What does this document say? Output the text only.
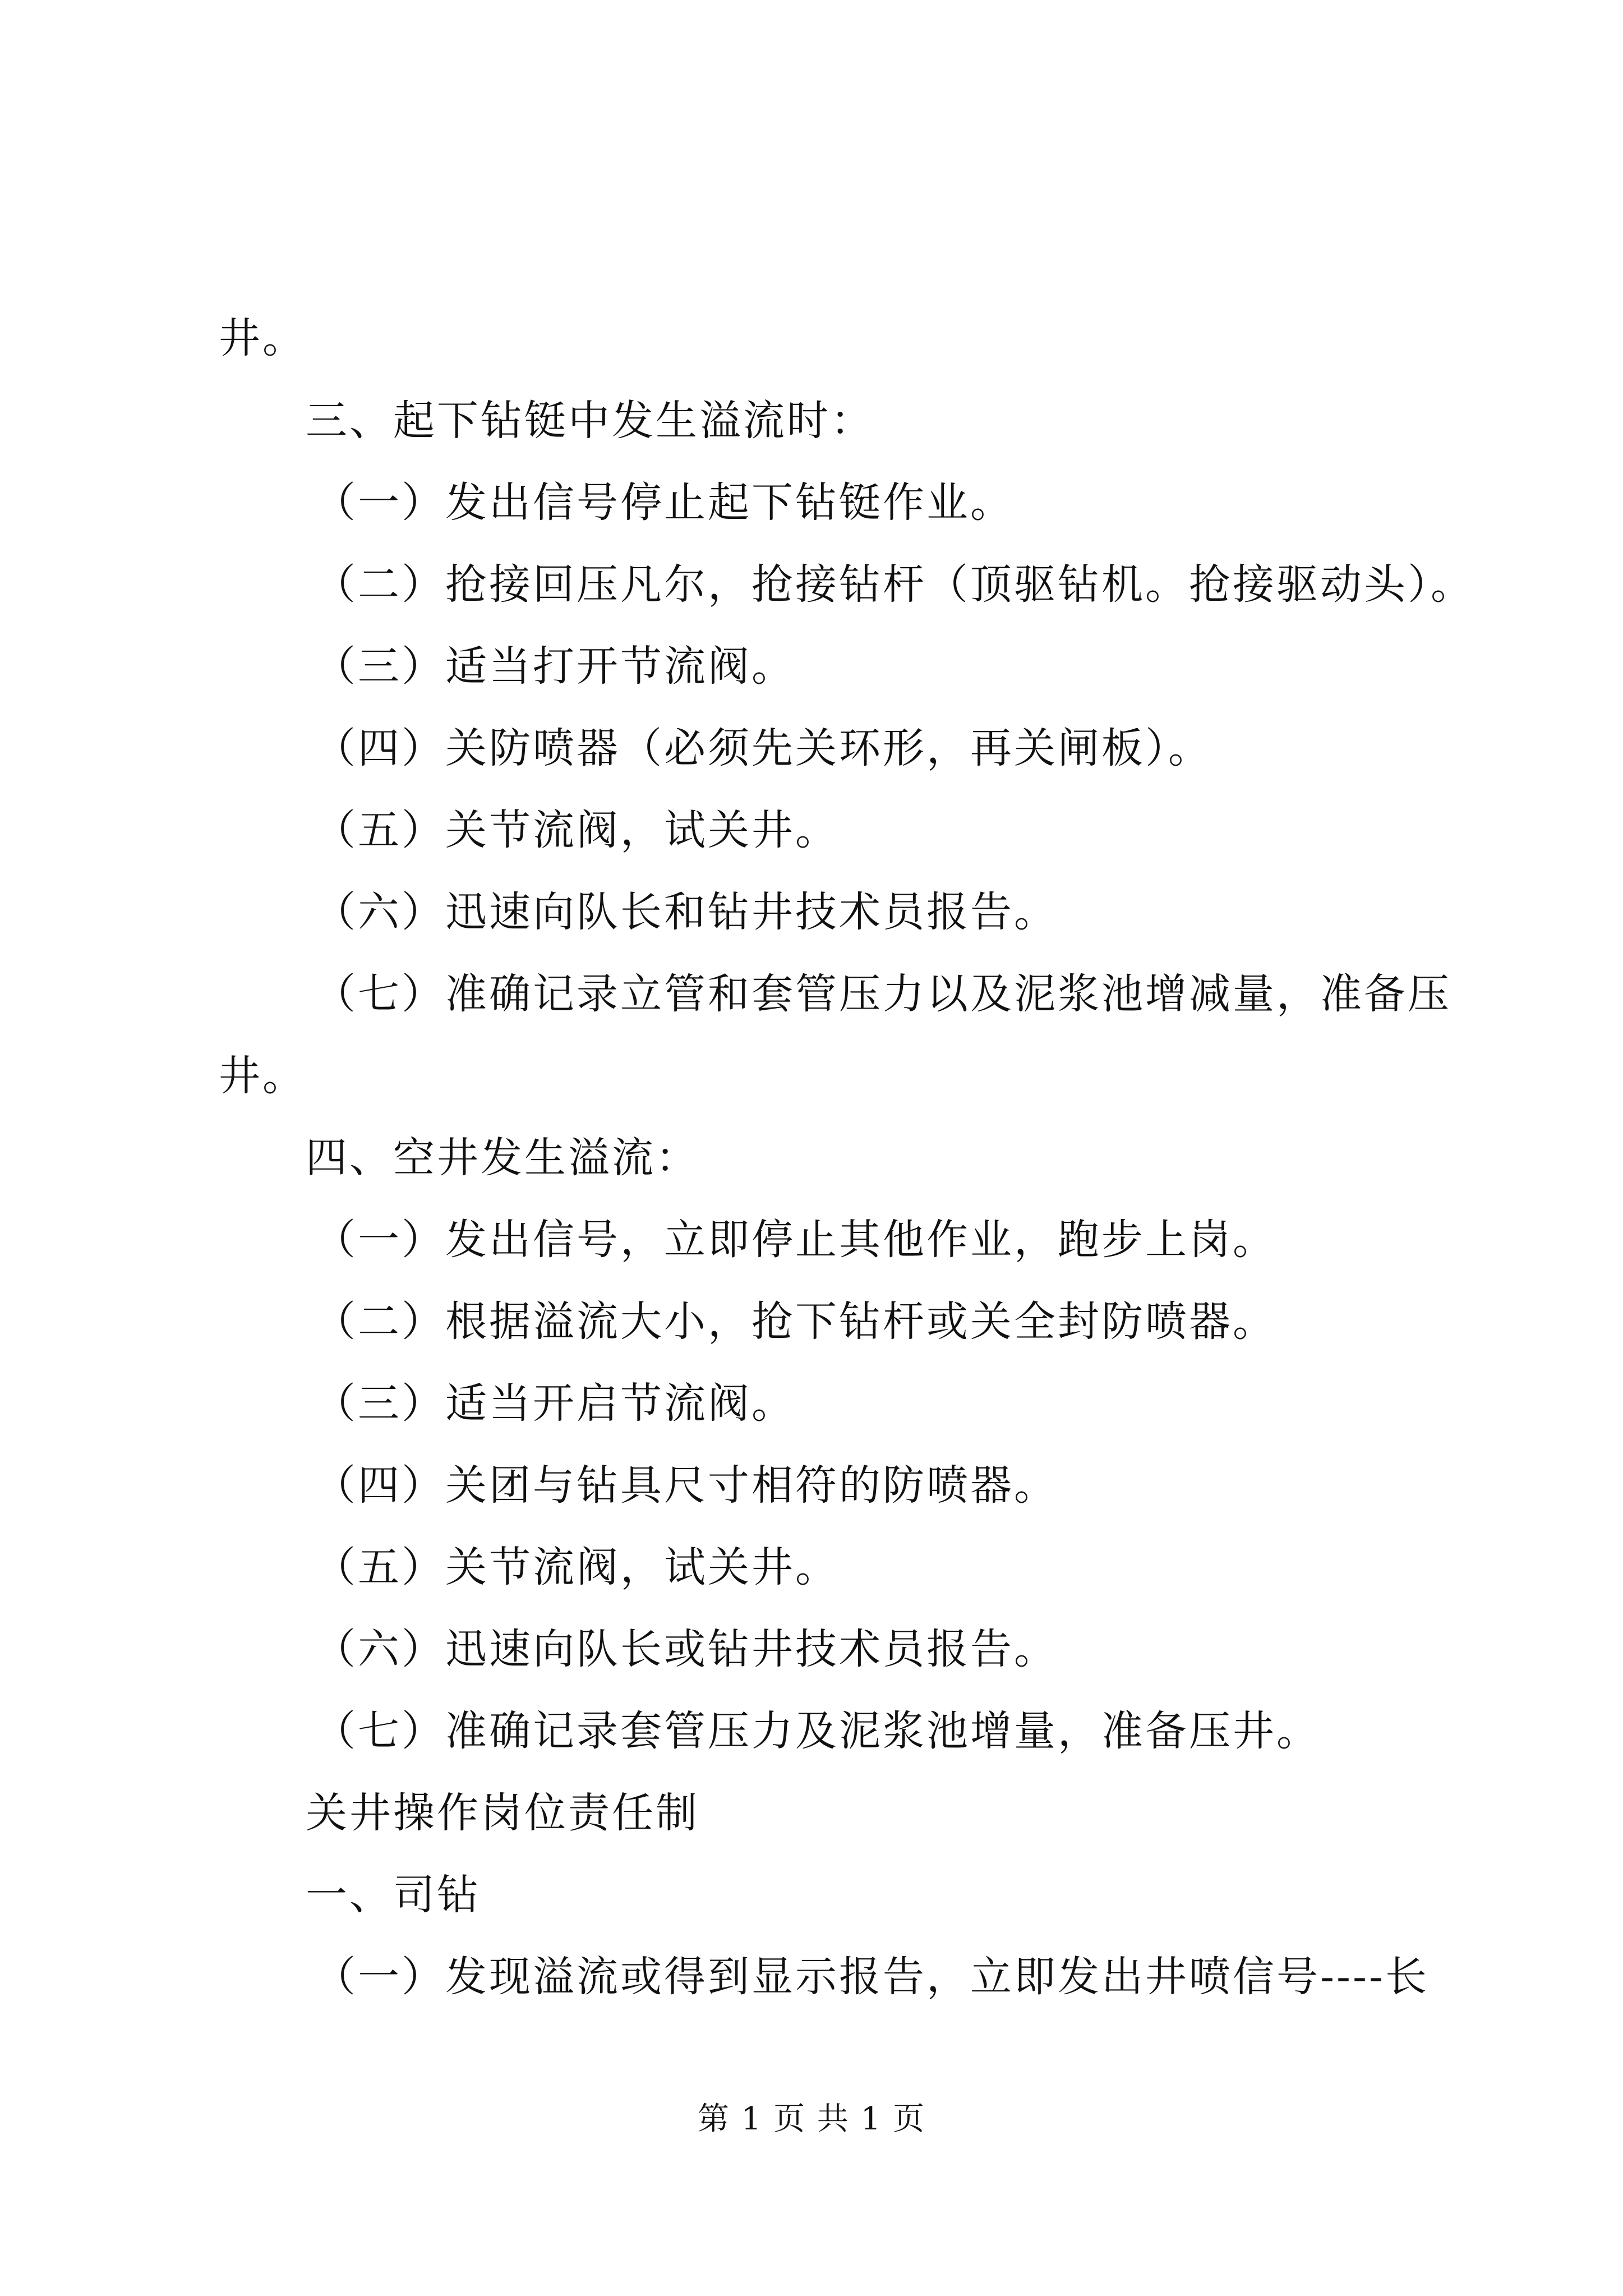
井。
三、起下钻铤中发生溢流时：
（一）发出信号停止起下钻铤作业。
（二）抢接回压凡尔，抢接钻杆（顶驱钻机。抢接驱动头）。
（三）适当打开节流阀。
（四）关防喷器（必须先关环形，再关闸板）。
（五）关节流阀，试关井。
（六）迅速向队长和钻井技术员报告。
（七）准确记录立管和套管压力以及泥浆池增减量，准备压
井。
四、空井发生溢流：
（一）发出信号，立即停止其他作业，跑步上岗。
（二）根据溢流大小，抢下钻杆或关全封防喷器。
（三）适当开启节流阀。
（四）关团与钻具尺寸相符的防喷器。
（五）关节流阀，试关井。
（六）迅速向队长或钻井技术员报告。
（七）准确记录套管压力及泥浆池增量，准备压井。
关井操作岗位责任制
一、司钻
（一）发现溢流或得到显示报告，立即发出井喷信号----长
第 1 页 共 1 页
